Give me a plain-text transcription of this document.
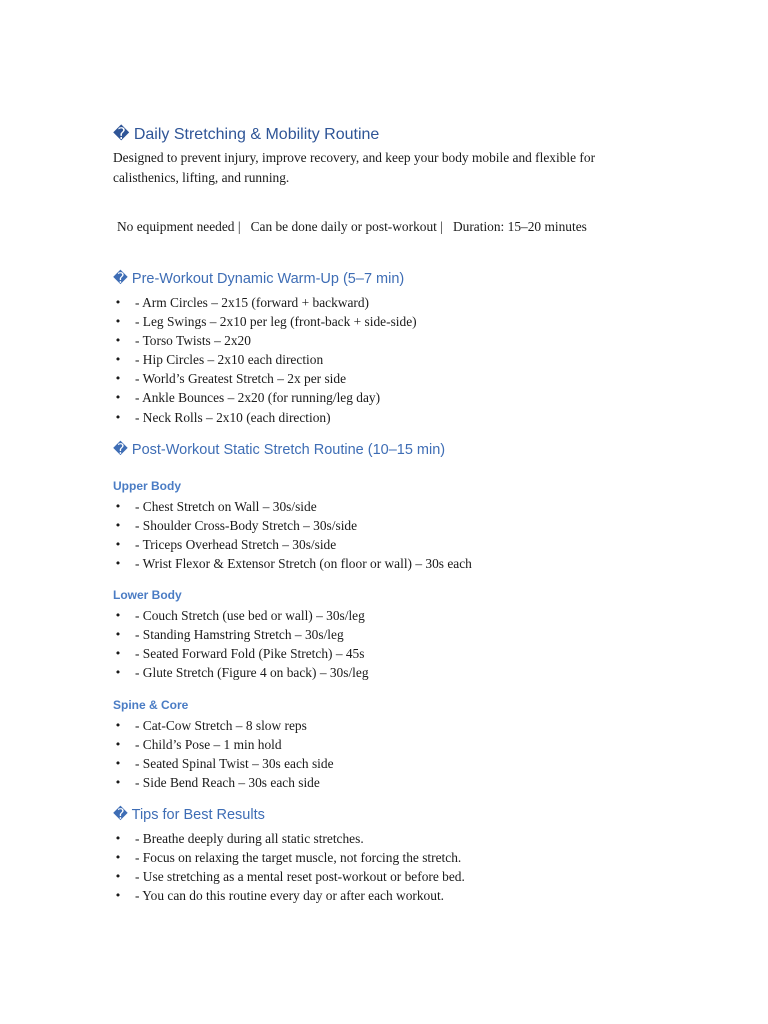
� Daily Stretching & Mobility Routine
Designed to prevent injury, improve recovery, and keep your body mobile and flexible for calisthenics, lifting, and running.
No equipment needed |   Can be done daily or post-workout |   Duration: 15–20 minutes
� Pre-Workout Dynamic Warm-Up (5–7 min)
• - Arm Circles – 2x15 (forward + backward)
• - Leg Swings – 2x10 per leg (front-back + side-side)
• - Torso Twists – 2x20
• - Hip Circles – 2x10 each direction
• - World’s Greatest Stretch – 2x per side
• - Ankle Bounces – 2x20 (for running/leg day)
• - Neck Rolls – 2x10 (each direction)
� Post-Workout Static Stretch Routine (10–15 min)
Upper Body
• - Chest Stretch on Wall – 30s/side
• - Shoulder Cross-Body Stretch – 30s/side
• - Triceps Overhead Stretch – 30s/side
• - Wrist Flexor & Extensor Stretch (on floor or wall) – 30s each
Lower Body
• - Couch Stretch (use bed or wall) – 30s/leg
• - Standing Hamstring Stretch – 30s/leg
• - Seated Forward Fold (Pike Stretch) – 45s
• - Glute Stretch (Figure 4 on back) – 30s/leg
Spine & Core
• - Cat-Cow Stretch – 8 slow reps
• - Child’s Pose – 1 min hold
• - Seated Spinal Twist – 30s each side
• - Side Bend Reach – 30s each side
� Tips for Best Results
• - Breathe deeply during all static stretches.
• - Focus on relaxing the target muscle, not forcing the stretch.
• - Use stretching as a mental reset post-workout or before bed.
• - You can do this routine every day or after each workout.
